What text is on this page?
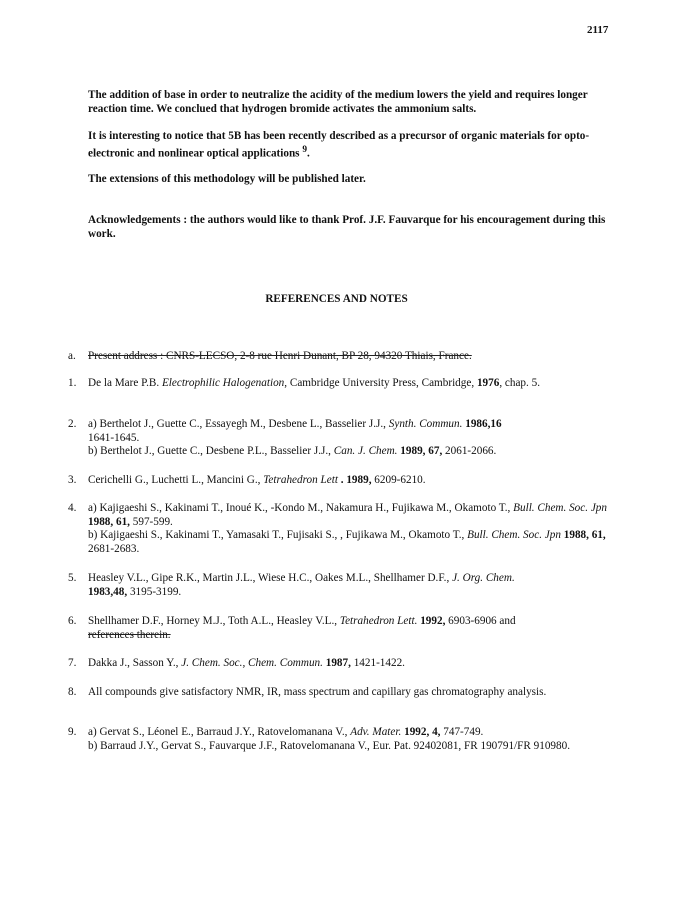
2117
The addition of base in order to neutralize the acidity of the medium lowers the yield and requires longer reaction time. We conclued that hydrogen bromide activates the ammonium salts.
It is interesting to notice that 5B has been recently described as a precursor of organic materials for opto-electronic and nonlinear optical applications $^9$.
The extensions of this methodology will be published later.
Acknowledgements : the authors would like to thank Prof. J.F. Fauvarque for his encouragement during this work.
REFERENCES AND NOTES
a.	Present address : CNRS-LECSO, 2-8 rue Henri Dunant, BP 28, 94320 Thiais, France.
1.	De la Mare P.B. Electrophilic Halogenation, Cambridge University Press, Cambridge, 1976, chap. 5.
2.	a) Berthelot J., Guette C., Essayegh M., Desbene L., Basselier J.J., Synth. Commun. 1986,16
1641-1645.
b) Berthelot J., Guette C., Desbene P.L., Basselier J.J., Can. J. Chem. 1989, 67, 2061-2066.
3.	Cerichelli G., Luchetti L., Mancini G., Tetrahedron Lett . 1989, 6209-6210.
4.	a) Kajigaeshi S., Kakinami T., Inoué K., -Kondo M., Nakamura H., Fujikawa M., Okamoto T., Bull. Chem. Soc. Jpn 1988, 61, 597-599.
b) Kajigaeshi S., Kakinami T., Yamasaki T., Fujisaki S., , Fujikawa M., Okamoto T., Bull. Chem. Soc. Jpn 1988, 61, 2681-2683.
5.	Heasley V.L., Gipe R.K., Martin J.L., Wiese H.C., Oakes M.L., Shellhamer D.F., J. Org. Chem.
1983,48, 3195-3199.
6.	Shellhamer D.F., Horney M.J., Toth A.L., Heasley V.L., Tetrahedron Lett. 1992, 6903-6906 and
references therein.
7.	Dakka J., Sasson Y., J. Chem. Soc., Chem. Commun. 1987, 1421-1422.
8.	All compounds give satisfactory NMR, IR, mass spectrum and capillary gas chromatography analysis.
9.	a) Gervat S., Léonel E., Barraud J.Y., Ratovelomanana V., Adv. Mater. 1992, 4, 747-749.
b) Barraud J.Y., Gervat S., Fauvarque J.F., Ratovelomanana V., Eur. Pat. 92402081, FR 190791/FR 910980.
